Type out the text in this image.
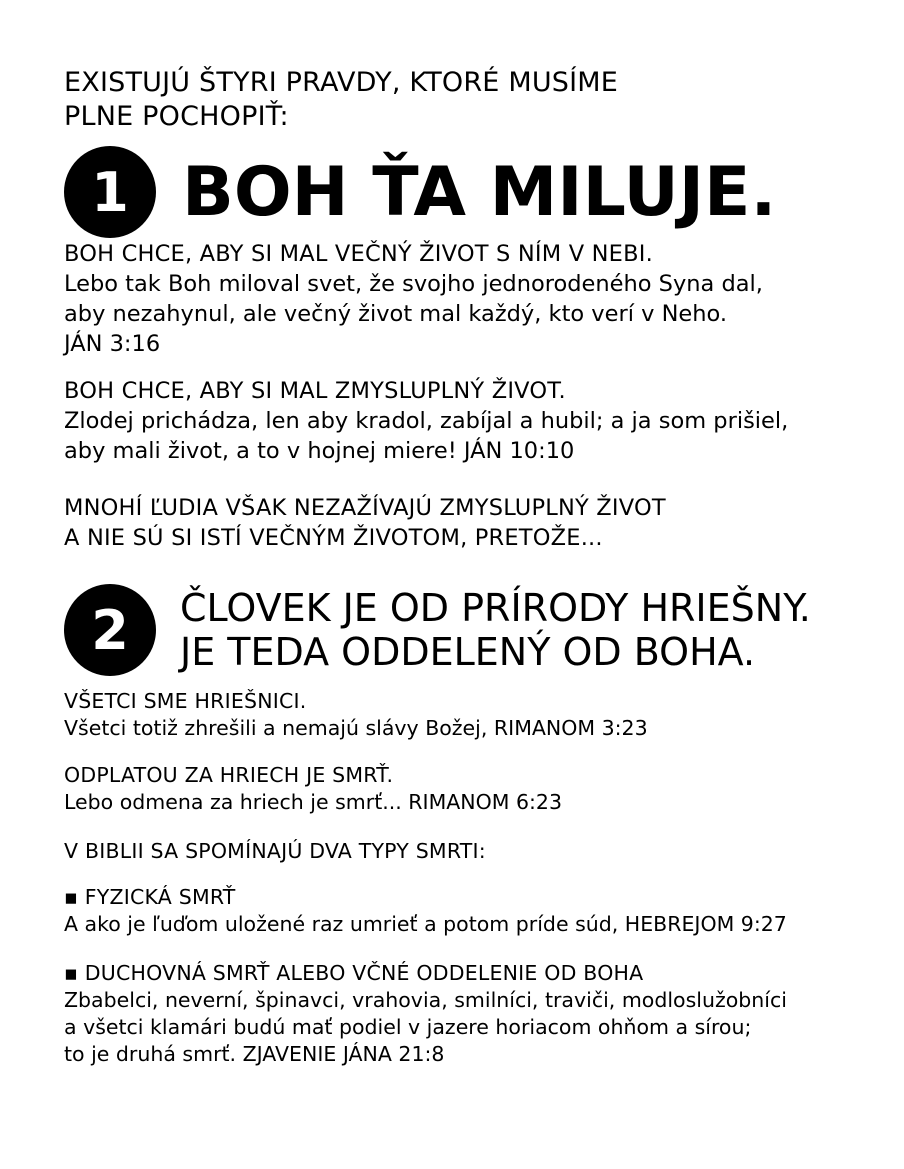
EXISTUJÚ ŠTYRI PRAVDY, KTORÉ MUSÍME
PLNE POCHOPIŤ:
1 BOH ŤA MILUJE.
BOH CHCE, ABY SI MAL VEČNÝ ŽIVOT S NÍM V NEBI.
Lebo tak Boh miloval svet, že svojho jednorodeného Syna dal,
aby nezahynul, ale večný život mal každý, kto verí v Neho.
JÁN 3:16
BOH CHCE, ABY SI MAL ZMYSLUPLNÝ ŽIVOT.
Zlodej prichádza, len aby kradol, zabíjal a hubil; a ja som prišiel,
aby mali život, a to v hojnej miere! JÁN 10:10
MNOHÍ ĽUDIA VŠAK NEZAŽÍVAJÚ ZMYSLUPLNÝ ŽIVOT
A NIE SÚ SI ISTÍ VEČNÝM ŽIVOTOM, PRETOŽE...
2	ČLOVEK JE OD PRÍRODY HRIEŠNY.
JE TEDA ODDELENÝ OD BOHA.
VŠETCI SME HRIEŠNICI.
Všetci totiž zhrešili a nemajú slávy Božej, RIMANOM 3:23
ODPLATOU ZA HRIECH JE SMRŤ.
Lebo odmena za hriech je smrť... RIMANOM 6:23
V BIBLII SA SPOMÍNAJÚ DVA TYPY SMRTI:
▪ FYZICKÁ SMRŤ
A ako je ľuďom uložené raz umrieť a potom príde súd, HEBREJOM 9:27
▪ DUCHOVNÁ SMRŤ ALEBO VČNÉ ODDELENIE OD BOHA
Zbabelci, neverní, špinavci, vrahovia, smilníci, traviči, modloslužobníci
a všetci klamári budú mať podiel v jazere horiacom ohňom a sírou;
to je druhá smrť. ZJAVENIE JÁNA 21:8
